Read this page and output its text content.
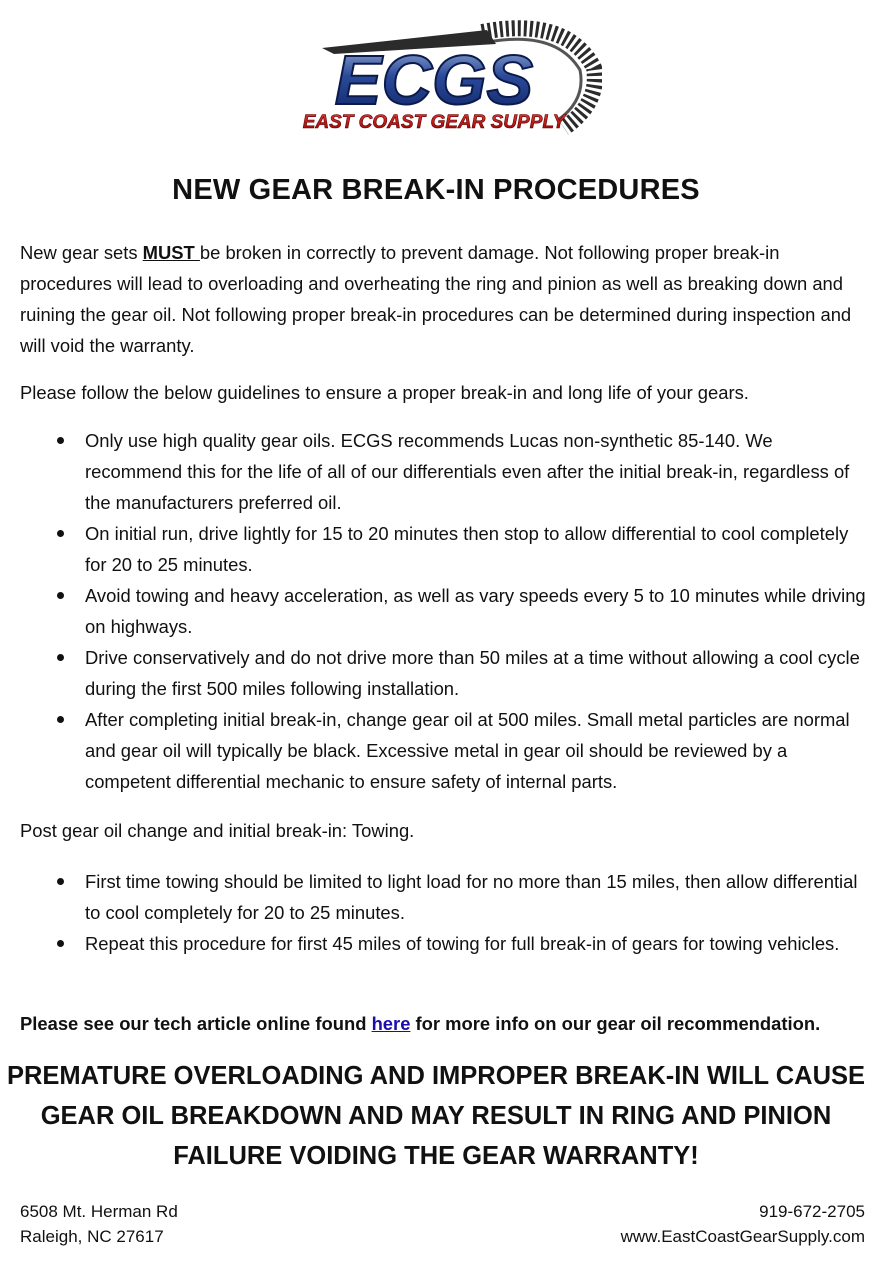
ECGS
EAST COAST GEAR SUPPLY
NEW GEAR BREAK-IN PROCEDURES

New gear sets MUST be broken in correctly to prevent damage. Not following proper break-in procedures will lead to overloading and overheating the ring and pinion as well as breaking down and ruining the gear oil. Not following proper break-in procedures can be determined during inspection and will void the warranty.

Please follow the below guidelines to ensure a proper break-in and long life of your gears.

Only use high quality gear oils. ECGS recommends Lucas non-synthetic 85-140. We recommend this for the life of all of our differentials even after the initial break-in, regardless of the manufacturers preferred oil.
On initial run, drive lightly for 15 to 20 minutes then stop to allow differential to cool completely for 20 to 25 minutes.
Avoid towing and heavy acceleration, as well as vary speeds every 5 to 10 minutes while driving on highways.
Drive conservatively and do not drive more than 50 miles at a time without allowing a cool cycle during the first 500 miles following installation.
After completing initial break-in, change gear oil at 500 miles. Small metal particles are normal and gear oil will typically be black. Excessive metal in gear oil should be reviewed by a competent differential mechanic to ensure safety of internal parts.

Post gear oil change and initial break-in: Towing.

First time towing should be limited to light load for no more than 15 miles, then allow differential to cool completely for 20 to 25 minutes.
Repeat this procedure for first 45 miles of towing for full break-in of gears for towing vehicles.

Please see our tech article online found here for more info on our gear oil recommendation.

PREMATURE OVERLOADING AND IMPROPER BREAK-IN WILL CAUSE
GEAR OIL BREAKDOWN AND MAY RESULT IN RING AND PINION
FAILURE VOIDING THE GEAR WARRANTY!
6508 Mt. Herman Rd
Raleigh, NC 27617
919-672-2705
www.EastCoastGearSupply.com
